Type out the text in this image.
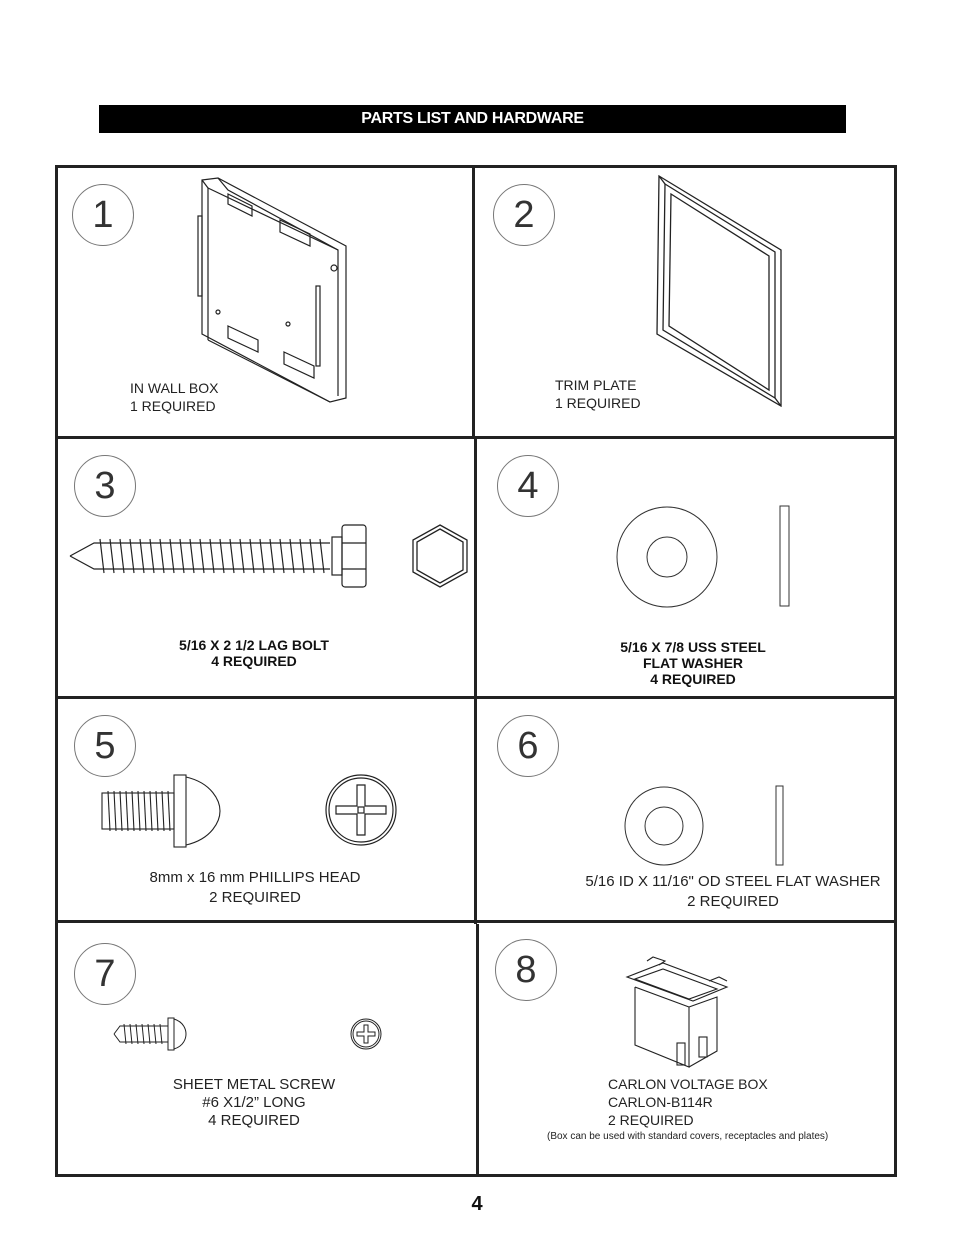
PARTS LIST AND HARDWARE
1
IN WALL BOX
1 REQUIRED
2
TRIM PLATE
1 REQUIRED
3
5/16 X 2 1/2 LAG BOLT
4 REQUIRED
4
5/16 X 7/8 USS STEEL
FLAT WASHER
4 REQUIRED
5
8mm x 16 mm PHILLIPS HEAD
2 REQUIRED
6
5/16 ID X 11/16" OD STEEL FLAT WASHER
2 REQUIRED
7
SHEET METAL SCREW
#6 X1/2” LONG
4 REQUIRED
8
CARLON VOLTAGE BOX
CARLON-B114R
2 REQUIRED
(Box can be used with standard covers, receptacles and plates)
4
